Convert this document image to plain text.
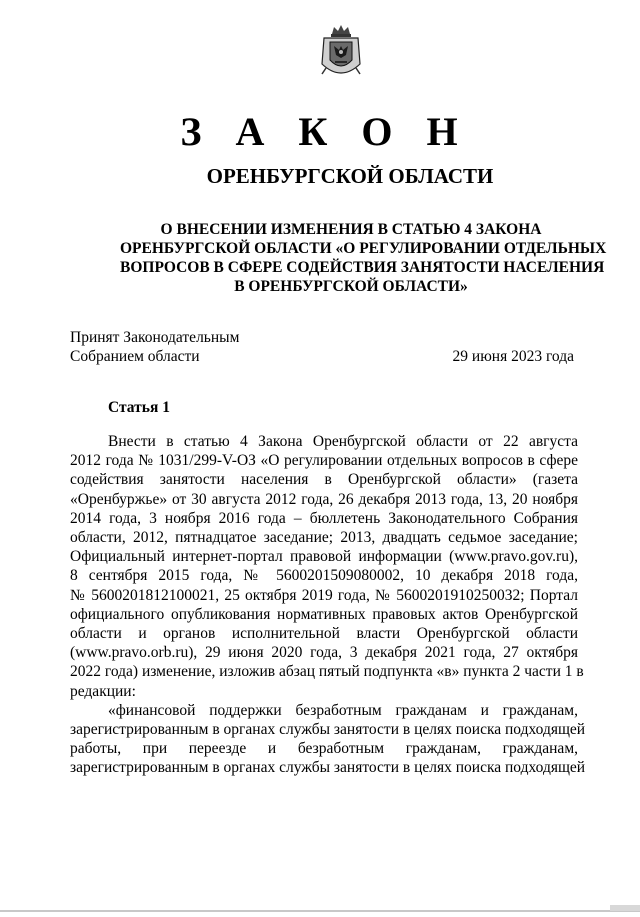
З А К О Н
ОРЕНБУРГСКОЙ ОБЛАСТИ
О ВНЕСЕНИИ ИЗМЕНЕНИЯ В СТАТЬЮ 4 ЗАКОНА
ОРЕНБУРГСКОЙ ОБЛАСТИ «О РЕГУЛИРОВАНИИ ОТДЕЛЬНЫХ
ВОПРОСОВ В СФЕРЕ СОДЕЙСТВИЯ ЗАНЯТОСТИ НАСЕЛЕНИЯ
В ОРЕНБУРГСКОЙ ОБЛАСТИ»
Принят Законодательным
Собранием области	29 июня 2023 года
Статья 1
Внести в статью 4 Закона Оренбургской области от 22 августа
2012 года № 1031/299-V-ОЗ «О регулировании отдельных вопросов в сфере
содействия занятости населения в Оренбургской области» (газета
«Оренбуржье» от 30 августа 2012 года, 26 декабря 2013 года, 13, 20 ноября
2014 года, 3 ноября 2016 года – бюллетень Законодательного Собрания
области, 2012, пятнадцатое заседание; 2013, двадцать седьмое заседание;
Официальный интернет-портал правовой информации (www.pravo.gov.ru),
8 сентября 2015 года, № 5600201509080002, 10 декабря 2018 года,
№ 5600201812100021, 25 октября 2019 года, № 5600201910250032; Портал
официального опубликования нормативных правовых актов Оренбургской
области и органов исполнительной власти Оренбургской области
(www.pravo.orb.ru), 29 июня 2020 года, 3 декабря 2021 года, 27 октября
2022 года) изменение, изложив абзац пятый подпункта «в» пункта 2 части 1 в
редакции:
«финансовой поддержки безработным гражданам и гражданам,
зарегистрированным в органах службы занятости в целях поиска подходящей
работы, при переезде и безработным гражданам, гражданам,
зарегистрированным в органах службы занятости в целях поиска подходящей
